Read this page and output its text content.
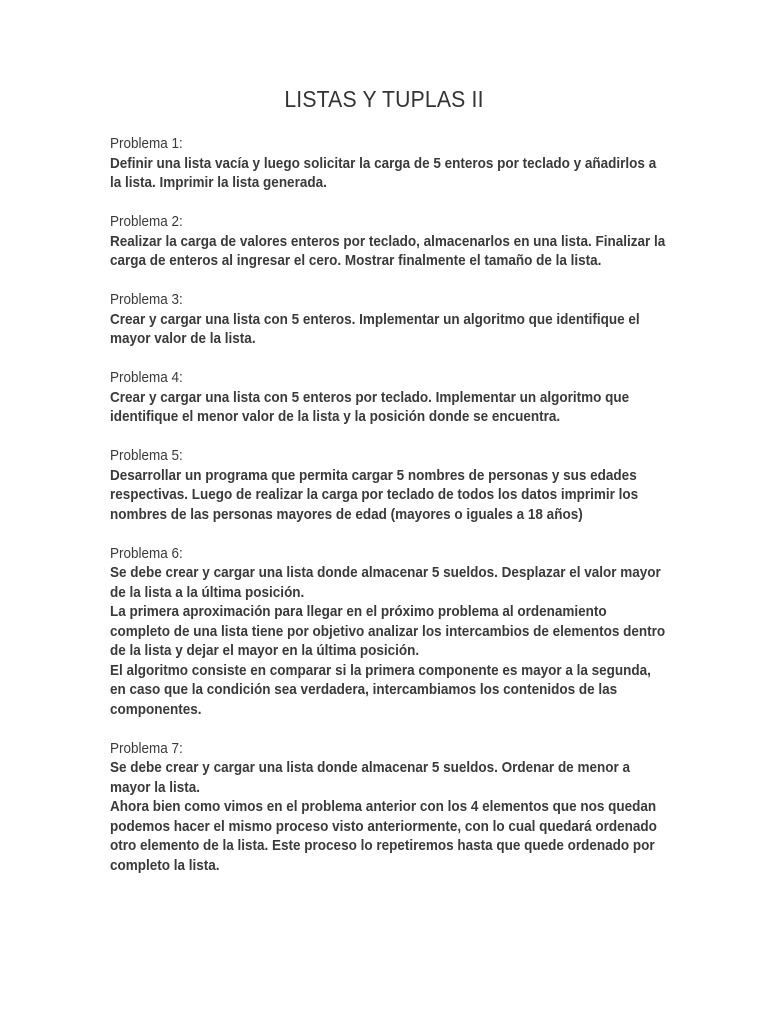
LISTAS Y TUPLAS II
Problema 1:

Definir una lista vacía y luego solicitar la carga de 5 enteros por teclado y añadirlos a la lista. Imprimir la lista generada.

Problema 2:

Realizar la carga de valores enteros por teclado, almacenarlos en una lista. Finalizar la carga de enteros al ingresar el cero. Mostrar finalmente el tamaño de la lista.

Problema 3:

Crear y cargar una lista con 5 enteros. Implementar un algoritmo que identifique el mayor valor de la lista.

Problema 4:

Crear y cargar una lista con 5 enteros por teclado. Implementar un algoritmo que identifique el menor valor de la lista y la posición donde se encuentra.

Problema 5:

Desarrollar un programa que permita cargar 5 nombres de personas y sus edades respectivas. Luego de realizar la carga por teclado de todos los datos imprimir los nombres de las personas mayores de edad (mayores o iguales a 18 años)

Problema 6:

Se debe crear y cargar una lista donde almacenar 5 sueldos. Desplazar el valor mayor de la lista a la última posición.

La primera aproximación para llegar en el próximo problema al ordenamiento completo de una lista tiene por objetivo analizar los intercambios de elementos dentro de la lista y dejar el mayor en la última posición.

El algoritmo consiste en comparar si la primera componente es mayor a la segunda, en caso que la condición sea verdadera, intercambiamos los contenidos de las componentes.

Problema 7:

Se debe crear y cargar una lista donde almacenar 5 sueldos. Ordenar de menor a mayor la lista.

Ahora bien como vimos en el problema anterior con los 4 elementos que nos quedan podemos hacer el mismo proceso visto anteriormente, con lo cual quedará ordenado otro elemento de la lista. Este proceso lo repetiremos hasta que quede ordenado por completo la lista.
